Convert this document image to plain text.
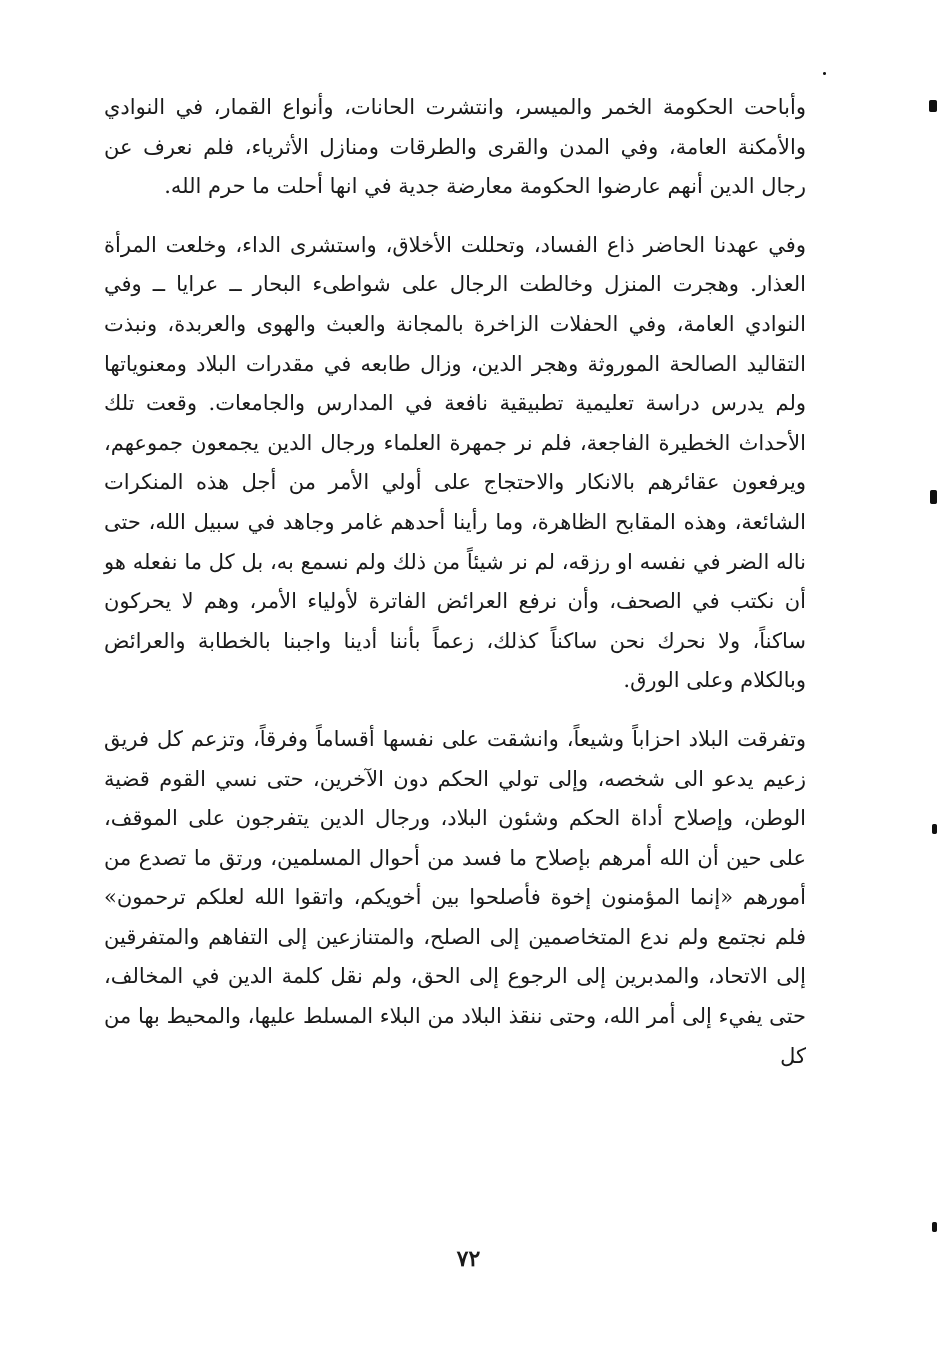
وأباحت الحكومة الخمر والميسر، وانتشرت الحانات، وأنواع القمار، في النوادي والأمكنة العامة، وفي المدن والقرى والطرقات ومنازل الأثرياء، فلم نعرف عن رجال الدين أنهم عارضوا الحكومة معارضة جدية في انها أحلت ما حرم الله.

وفي عهدنا الحاضر ذاع الفساد، وتحللت الأخلاق، واستشرى الداء، وخلعت المرأة العذار. وهجرت المنزل وخالطت الرجال على شواطىء البحار ــ عرايا ــ وفي النوادي العامة، وفي الحفلات الزاخرة بالمجانة والعبث والهوى والعربدة، ونبذت التقاليد الصالحة الموروثة وهجر الدين، وزال طابعه في مقدرات البلاد ومعنوياتها ولم يدرس دراسة تعليمية تطبيقية نافعة في المدارس والجامعات. وقعت تلك الأحداث الخطيرة الفاجعة، فلم نر جمهرة العلماء ورجال الدين يجمعون جموعهم، ويرفعون عقائرهم بالانكار والاحتجاج على أولي الأمر من أجل هذه المنكرات الشائعة، وهذه المقابح الظاهرة، وما رأينا أحدهم غامر وجاهد في سبيل الله، حتى ناله الضر في نفسه او رزقه، لم نر شيئاً من ذلك ولم نسمع به، بل كل ما نفعله هو أن نكتب في الصحف، وأن نرفع العرائض الفاترة لأولياء الأمر، وهم لا يحركون ساكناً، ولا نحرك نحن ساكناً كذلك، زعماً بأننا أدينا واجبنا بالخطابة والعرائض وبالكلام وعلى الورق.

وتفرقت البلاد احزاباً وشيعاً، وانشقت على نفسها أقساماً وفرقاً، وتزعم كل فريق زعيم يدعو الى شخصه، وإلى تولي الحكم دون الآخرين، حتى نسي القوم قضية الوطن، وإصلاح أداة الحكم وشئون البلاد، ورجال الدين يتفرجون على الموقف، على حين أن الله أمرهم بإصلاح ما فسد من أحوال المسلمين، ورتق ما تصدع من أمورهم «إنما المؤمنون إخوة فأصلحوا بين أخويكم، واتقوا الله لعلكم ترحمون» فلم نجتمع ولم ندع المتخاصمين إلى الصلح، والمتنازعين إلى التفاهم والمتفرقين إلى الاتحاد، والمدبرين إلى الرجوع إلى الحق، ولم نقل كلمة الدين في المخالف، حتى يفيء إلى أمر الله، وحتى ننقذ البلاد من البلاء المسلط عليها، والمحيط بها من كل

٧٢
